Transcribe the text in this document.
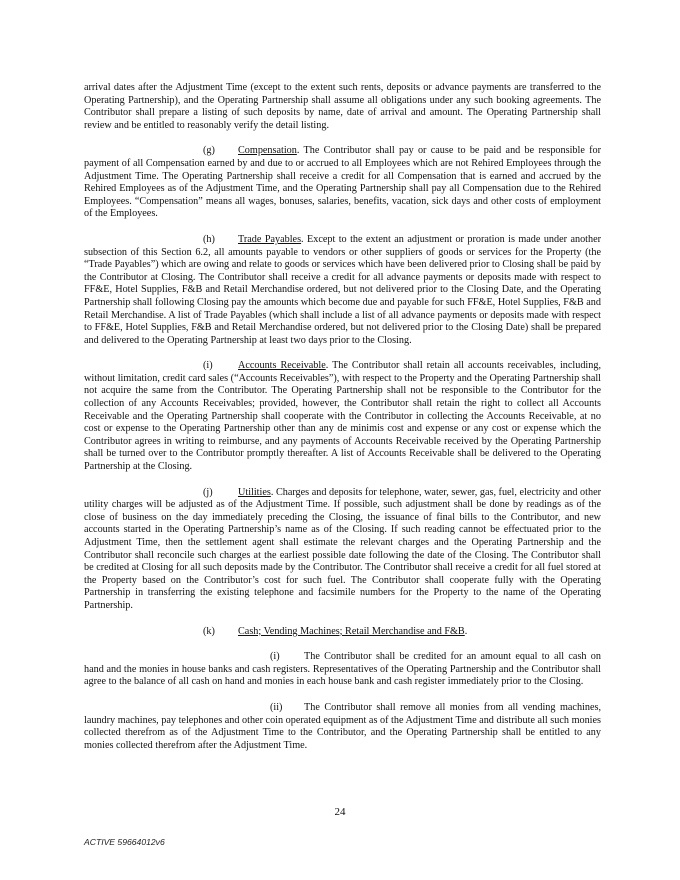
arrival dates after the Adjustment Time (except to the extent such rents, deposits or advance payments are transferred to the Operating Partnership), and the Operating Partnership shall assume all obligations under any such booking agreements. The Contributor shall prepare a listing of such deposits by name, date of arrival and amount. The Operating Partnership shall review and be entitled to reasonably verify the detail listing.

(g) Compensation. The Contributor shall pay or cause to be paid and be responsible for payment of all Compensation earned by and due to or accrued to all Employees which are not Rehired Employees through the Adjustment Time. The Operating Partnership shall receive a credit for all Compensation that is earned and accrued by the Rehired Employees as of the Adjustment Time, and the Operating Partnership shall pay all Compensation due to the Rehired Employees. “Compensation” means all wages, bonuses, salaries, benefits, vacation, sick days and other costs of employment of the Employees.

(h) Trade Payables. Except to the extent an adjustment or proration is made under another subsection of this Section 6.2, all amounts payable to vendors or other suppliers of goods or services for the Property (the “Trade Payables”) which are owing and relate to goods or services which have been delivered prior to Closing shall be paid by the Contributor at Closing. The Contributor shall receive a credit for all advance payments or deposits made with respect to FF&E, Hotel Supplies, F&B and Retail Merchandise ordered, but not delivered prior to the Closing Date, and the Operating Partnership shall following Closing pay the amounts which become due and payable for such FF&E, Hotel Supplies, F&B and Retail Merchandise. A list of Trade Payables (which shall include a list of all advance payments or deposits made with respect to FF&E, Hotel Supplies, F&B and Retail Merchandise ordered, but not delivered prior to the Closing Date) shall be prepared and delivered to the Operating Partnership at least two days prior to the Closing.

(i) Accounts Receivable. The Contributor shall retain all accounts receivables, including, without limitation, credit card sales (“Accounts Receivables”), with respect to the Property and the Operating Partnership shall not acquire the same from the Contributor. The Operating Partnership shall not be responsible to the Contributor for the collection of any Accounts Receivables; provided, however, the Contributor shall retain the right to collect all Accounts Receivable and the Operating Partnership shall cooperate with the Contributor in collecting the Accounts Receivable, at no cost or expense to the Operating Partnership other than any de minimis cost and expense or any cost or expense which the Contributor agrees in writing to reimburse, and any payments of Accounts Receivable received by the Operating Partnership shall be turned over to the Contributor promptly thereafter. A list of Accounts Receivable shall be delivered to the Operating Partnership at the Closing.

(j) Utilities. Charges and deposits for telephone, water, sewer, gas, fuel, electricity and other utility charges will be adjusted as of the Adjustment Time. If possible, such adjustment shall be done by readings as of the close of business on the day immediately preceding the Closing, the issuance of final bills to the Contributor, and new accounts started in the Operating Partnership’s name as of the Closing. If such reading cannot be effectuated prior to the Adjustment Time, then the settlement agent shall estimate the relevant charges and the Operating Partnership and the Contributor shall reconcile such charges at the earliest possible date following the date of the Closing. The Contributor shall be credited at Closing for all such deposits made by the Contributor. The Contributor shall receive a credit for all fuel stored at the Property based on the Contributor’s cost for such fuel. The Contributor shall cooperate fully with the Operating Partnership in transferring the existing telephone and facsimile numbers for the Property to the name of the Operating Partnership.

(k) Cash; Vending Machines; Retail Merchandise and F&B.

(i) The Contributor shall be credited for an amount equal to all cash on hand and the monies in house banks and cash registers. Representatives of the Operating Partnership and the Contributor shall agree to the balance of all cash on hand and monies in each house bank and cash register immediately prior to the Closing.

(ii) The Contributor shall remove all monies from all vending machines, laundry machines, pay telephones and other coin operated equipment as of the Adjustment Time and distribute all such monies collected therefrom as of the Adjustment Time to the Contributor, and the Operating Partnership shall be entitled to any monies collected therefrom after the Adjustment Time.

24
ACTIVE 59664012v6
